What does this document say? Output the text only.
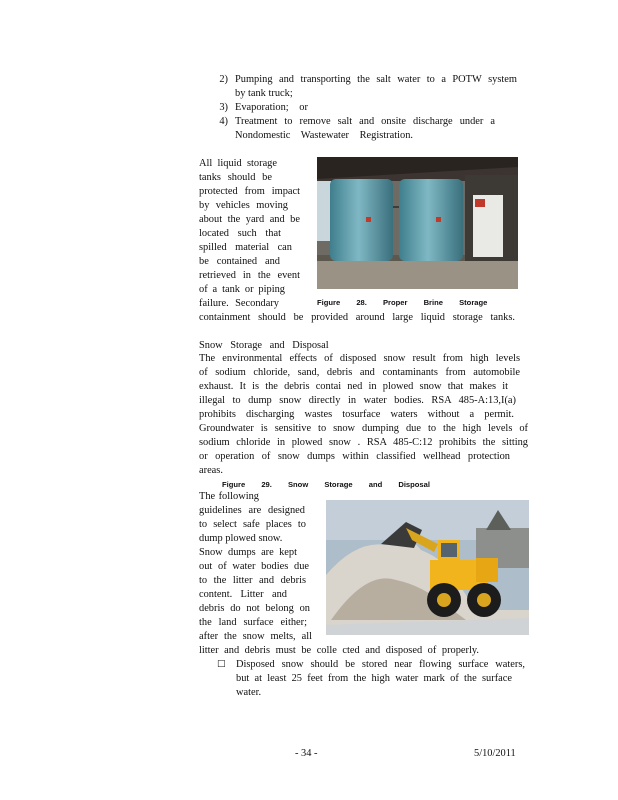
2) Pumping and transporting the salt water to a POTW system
by tank truck;
3) Evaporation; or
4) Treatment to remove salt and onsite discharge under a
Nondomestic Wastewater Registration.
All liquid storage
tanks should be
protected from impact
by vehicles moving
about the yard and be
located such that
spilled material can
be contained and
retrieved in the event
of a tank or piping
failure. Secondary
containment should be provided around large liquid storage tanks.
Figure 28. Proper Brine Storage
Snow Storage and Disposal
The environmental effects of disposed snow result from high levels
of sodium chloride, sand, debris and contaminants from automobile
exhaust. It is the debris contai ned in plowed snow that makes it
illegal to dump snow directly in water bodies. RSA 485-A:13,I(a)
prohibits discharging wastes tosurface waters without a permit.
Groundwater is sensitive to snow dumping due to the high levels of
sodium chloride in plowed snow . RSA 485-C:12 prohibits the sitting
or operation of snow dumps within classified wellhead protection
areas.
Figure 29. Snow Storage and Disposal
The following
guidelines are designed
to select safe places to
dump plowed snow.
Snow dumps are kept
out of water bodies due
to the litter and debris
content. Litter and
debris do not belong on
the land surface either;
after the snow melts, all
litter and debris must be colle cted and disposed of properly.
□ Disposed snow should be stored near flowing surface waters,
but at least 25 feet from the high water mark of the surface
water.
- 34 -	5/10/2011
